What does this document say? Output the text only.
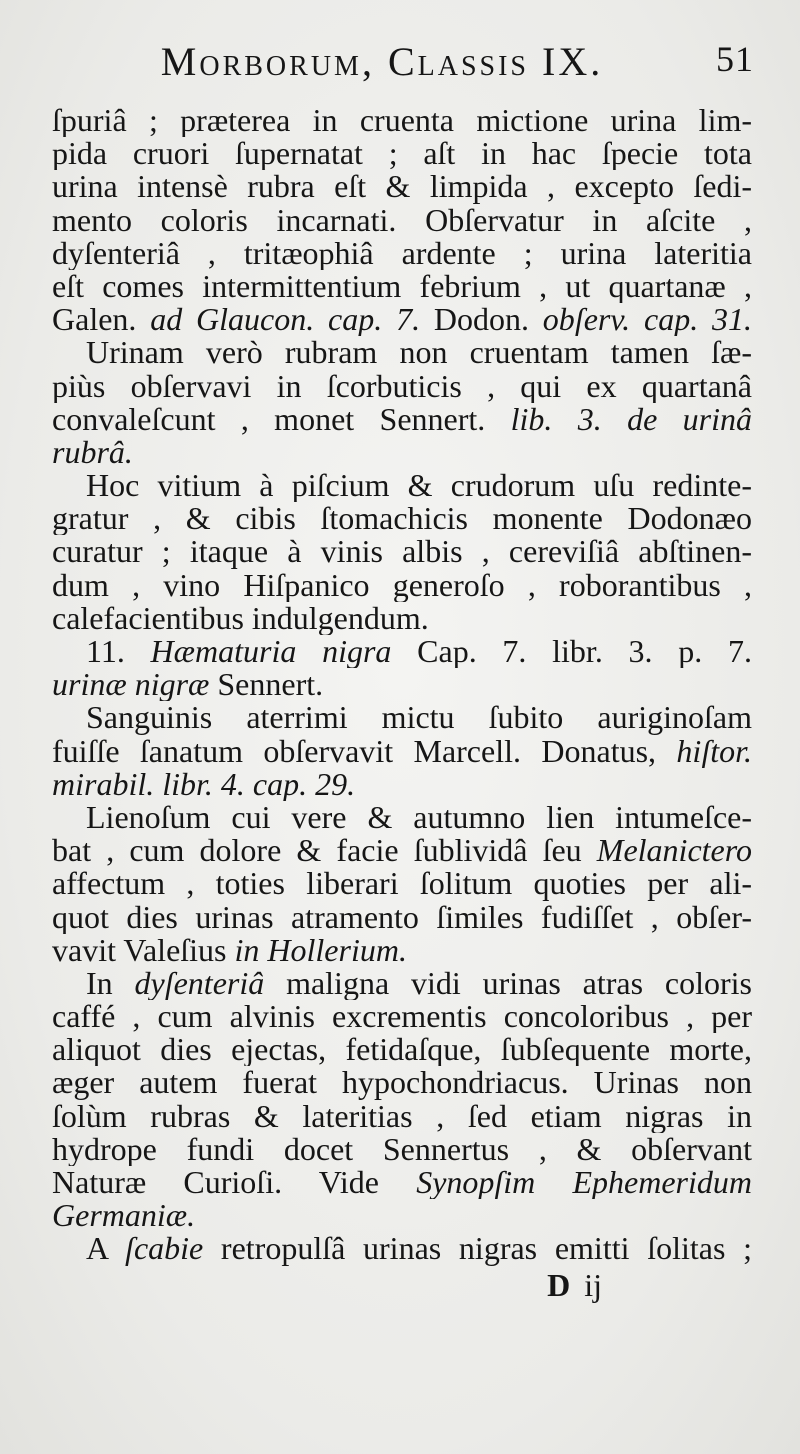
Morborum, Classis IX.	51
ſpuriâ ; præterea in cruenta mictione urina lim-
pida cruori ſupernatat ; aſt in hac ſpecie tota
urina intensè rubra eſt & limpida , excepto ſedi-
mento coloris incarnati. Obſervatur in aſcite ,
dyſenteriâ , tritæophiâ ardente ; urina lateritia
eſt comes intermittentium febrium , ut quartanæ ,
Galen. ad Glaucon. cap. 7. Dodon. obſerv. cap. 31.
Urinam verò rubram non cruentam tamen ſæ-
piùs obſervavi in ſcorbuticis , qui ex quartanâ
convaleſcunt , monet Sennert. lib. 3. de urinâ
rubrâ.
Hoc vitium à piſcium & crudorum uſu redinte-
gratur , & cibis ſtomachicis monente Dodonæo
curatur ; itaque à vinis albis , cereviſiâ abſtinen-
dum , vino Hiſpanico generoſo , roborantibus ,
calefacientibus indulgendum.
11. Hæmaturia nigra Cap. 7. libr. 3. p. 7.
urinæ nigræ Sennert.
Sanguinis aterrimi mictu ſubito auriginoſam
fuiſſe ſanatum obſervavit Marcell. Donatus, hiſtor.
mirabil. libr. 4. cap. 29.
Lienoſum cui vere & autumno lien intumeſce-
bat , cum dolore & facie ſublividâ ſeu Melanictero
affectum , toties liberari ſolitum quoties per ali-
quot dies urinas atramento ſimiles fudiſſet , obſer-
vavit Valeſius in Hollerium.
In dyſenteriâ maligna vidi urinas atras coloris
caffé , cum alvinis excrementis concoloribus , per
aliquot dies ejectas, fetidaſque, ſubſequente morte,
æger autem fuerat hypochondriacus. Urinas non
ſolùm rubras & lateritias , ſed etiam nigras in
hydrope fundi docet Sennertus , & obſervant
Naturæ Curioſi. Vide Synopſim Ephemeridum
Germaniæ.
A ſcabie retropulſâ urinas nigras emitti ſolitas ;
D ij
